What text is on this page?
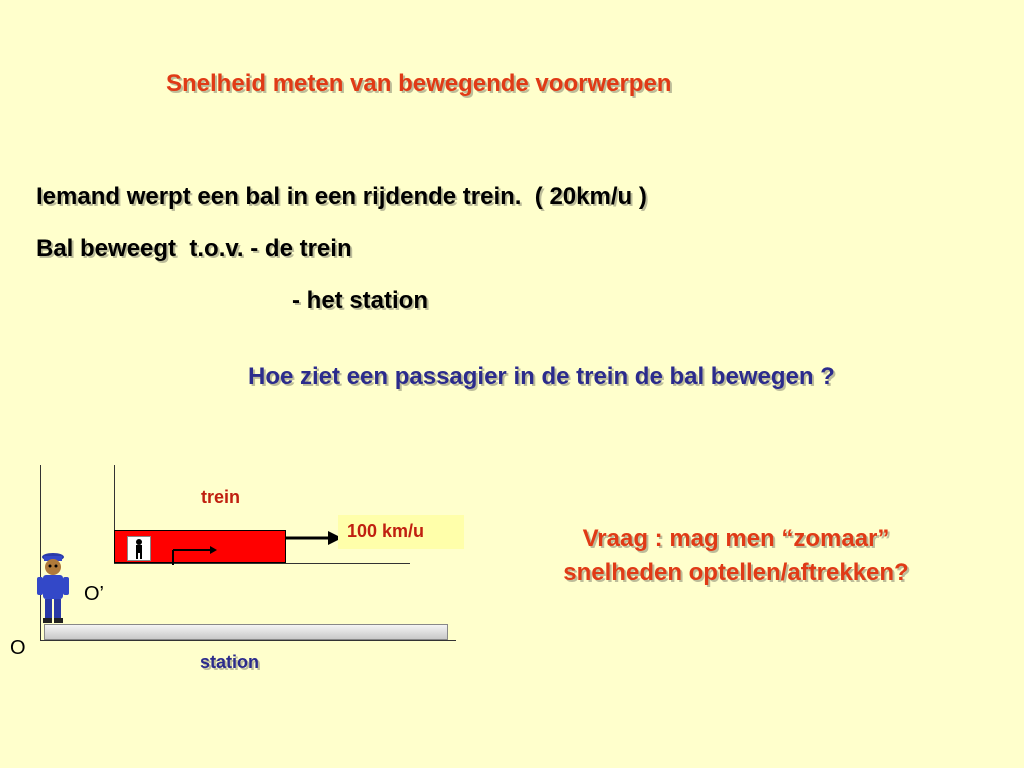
Snelheid meten van bewegende voorwerpen
Iemand werpt een bal in een rijdende trein.  ( 20km/u )
Bal beweegt  t.o.v. - de trein
- het station
Hoe ziet een passagier in de trein de bal bewegen ?
trein
100 km/u
O’
O
station
Vraag : mag men “zomaar”
snelheden optellen/aftrekken?
